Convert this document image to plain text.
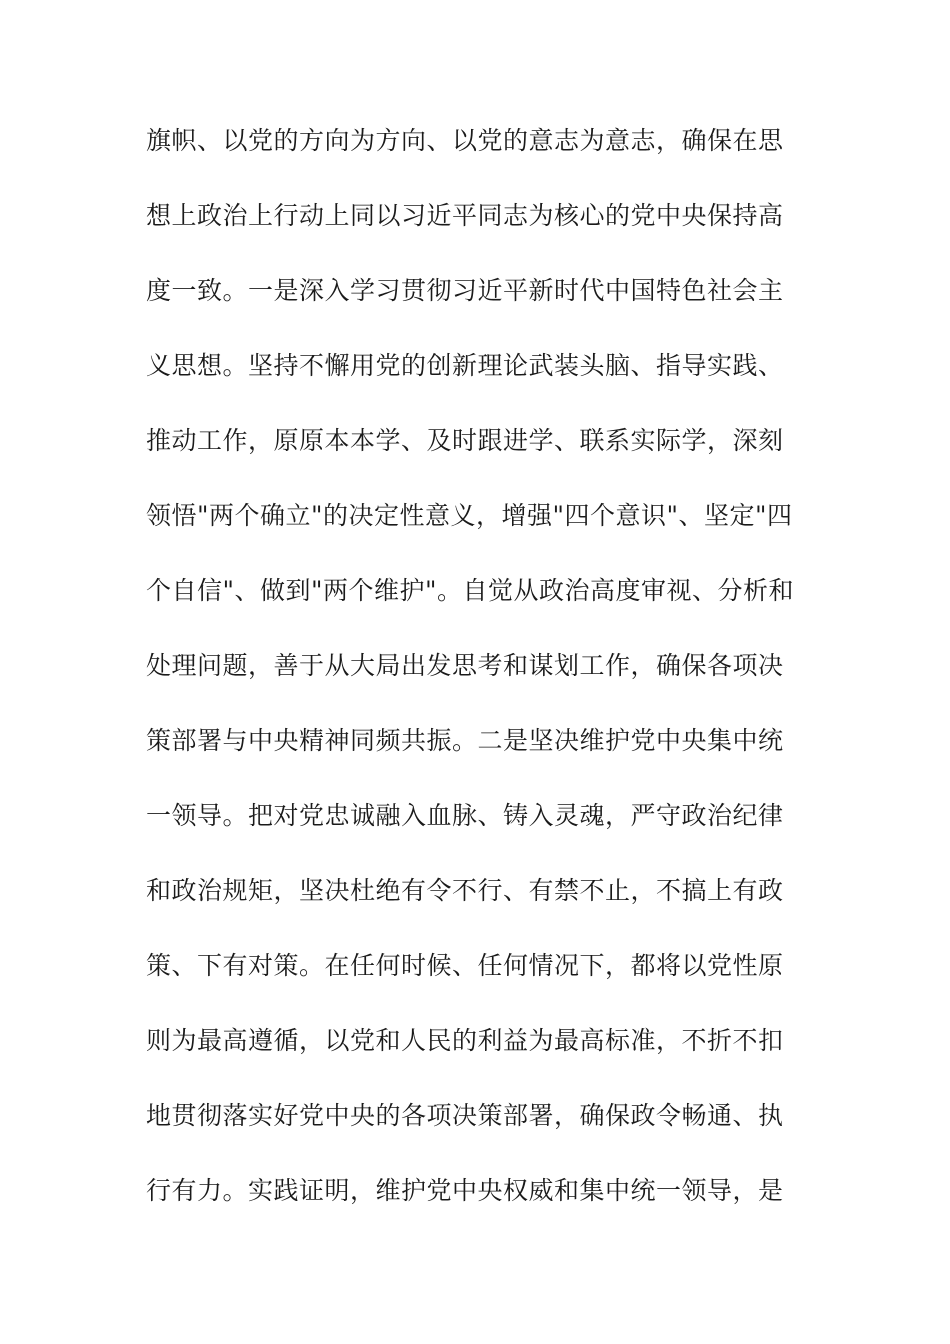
旗帜、以党的方向为方向、以党的意志为意志，确保在思
想上政治上行动上同以习近平同志为核心的党中央保持高
度一致。一是深入学习贯彻习近平新时代中国特色社会主
义思想。坚持不懈用党的创新理论武装头脑、指导实践、
推动工作，原原本本学、及时跟进学、联系实际学，深刻
领悟"两个确立"的决定性意义，增强"四个意识"、坚定"四
个自信"、做到"两个维护"。自觉从政治高度审视、分析和
处理问题，善于从大局出发思考和谋划工作，确保各项决
策部署与中央精神同频共振。二是坚决维护党中央集中统
一领导。把对党忠诚融入血脉、铸入灵魂，严守政治纪律
和政治规矩，坚决杜绝有令不行、有禁不止，不搞上有政
策、下有对策。在任何时候、任何情况下，都将以党性原
则为最高遵循，以党和人民的利益为最高标准，不折不扣
地贯彻落实好党中央的各项决策部署，确保政令畅通、执
行有力。实践证明，维护党中央权威和集中统一领导，是
